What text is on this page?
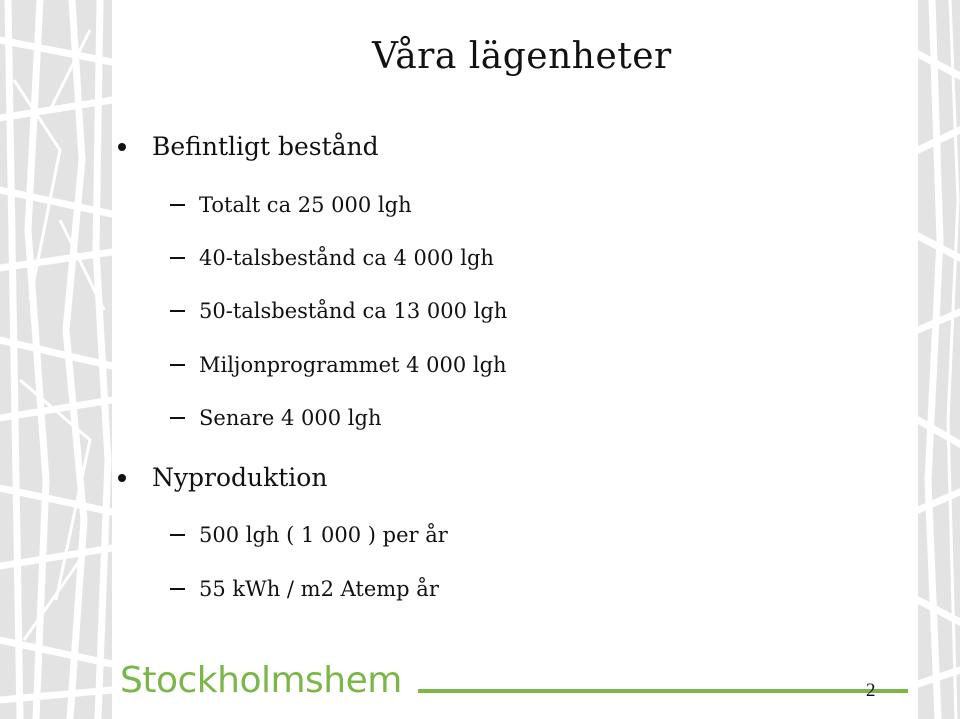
Våra lägenheter
Befintligt bestånd
Totalt ca 25 000 lgh
40-talsbestånd ca 4 000 lgh
50-talsbestånd ca 13 000 lgh
Miljonprogrammet 4 000 lgh
Senare 4 000 lgh
Nyproduktion
500 lgh ( 1 000 ) per år
55 kWh / m2 Atemp år
Stockholmshem	2
